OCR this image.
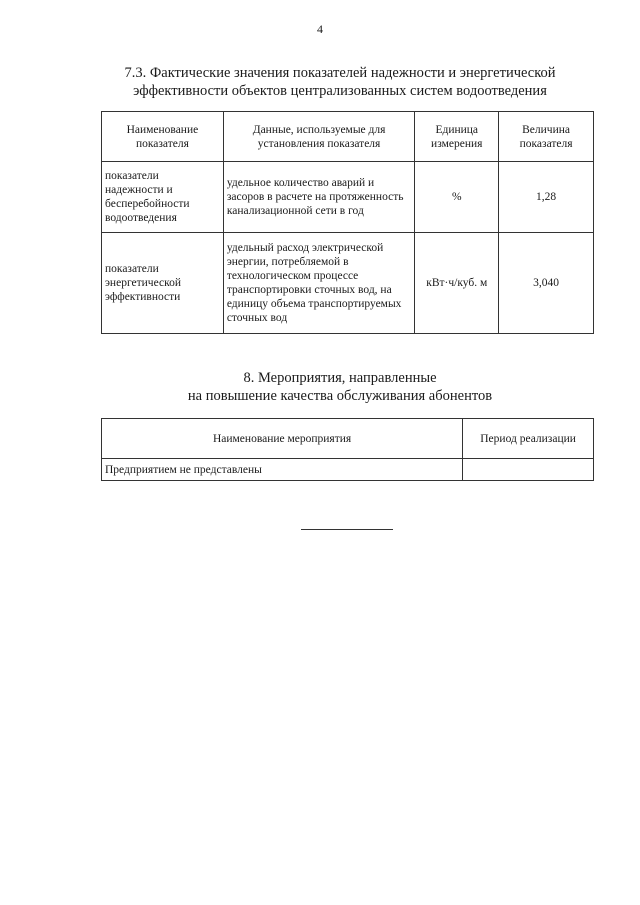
4
7.3. Фактические значения показателей надежности и энергетической
эффективности объектов централизованных систем водоотведения
Наименование показателя	Данные, используемые для установления показателя	Единица измерения	Величина показателя
показатели надежности и бесперебойности водоотведения	удельное количество аварий и засоров в расчете на протяженность канализационной сети в год	%	1,28
показатели энергетической эффективности	удельный расход электрической энергии, потребляемой в технологическом процессе транспортировки сточных вод, на единицу объема транспортируемых сточных вод	кВт·ч/куб. м	3,040
8. Мероприятия, направленные
на повышение качества обслуживания абонентов
Наименование мероприятия	Период реализации
Предприятием не представлены	
